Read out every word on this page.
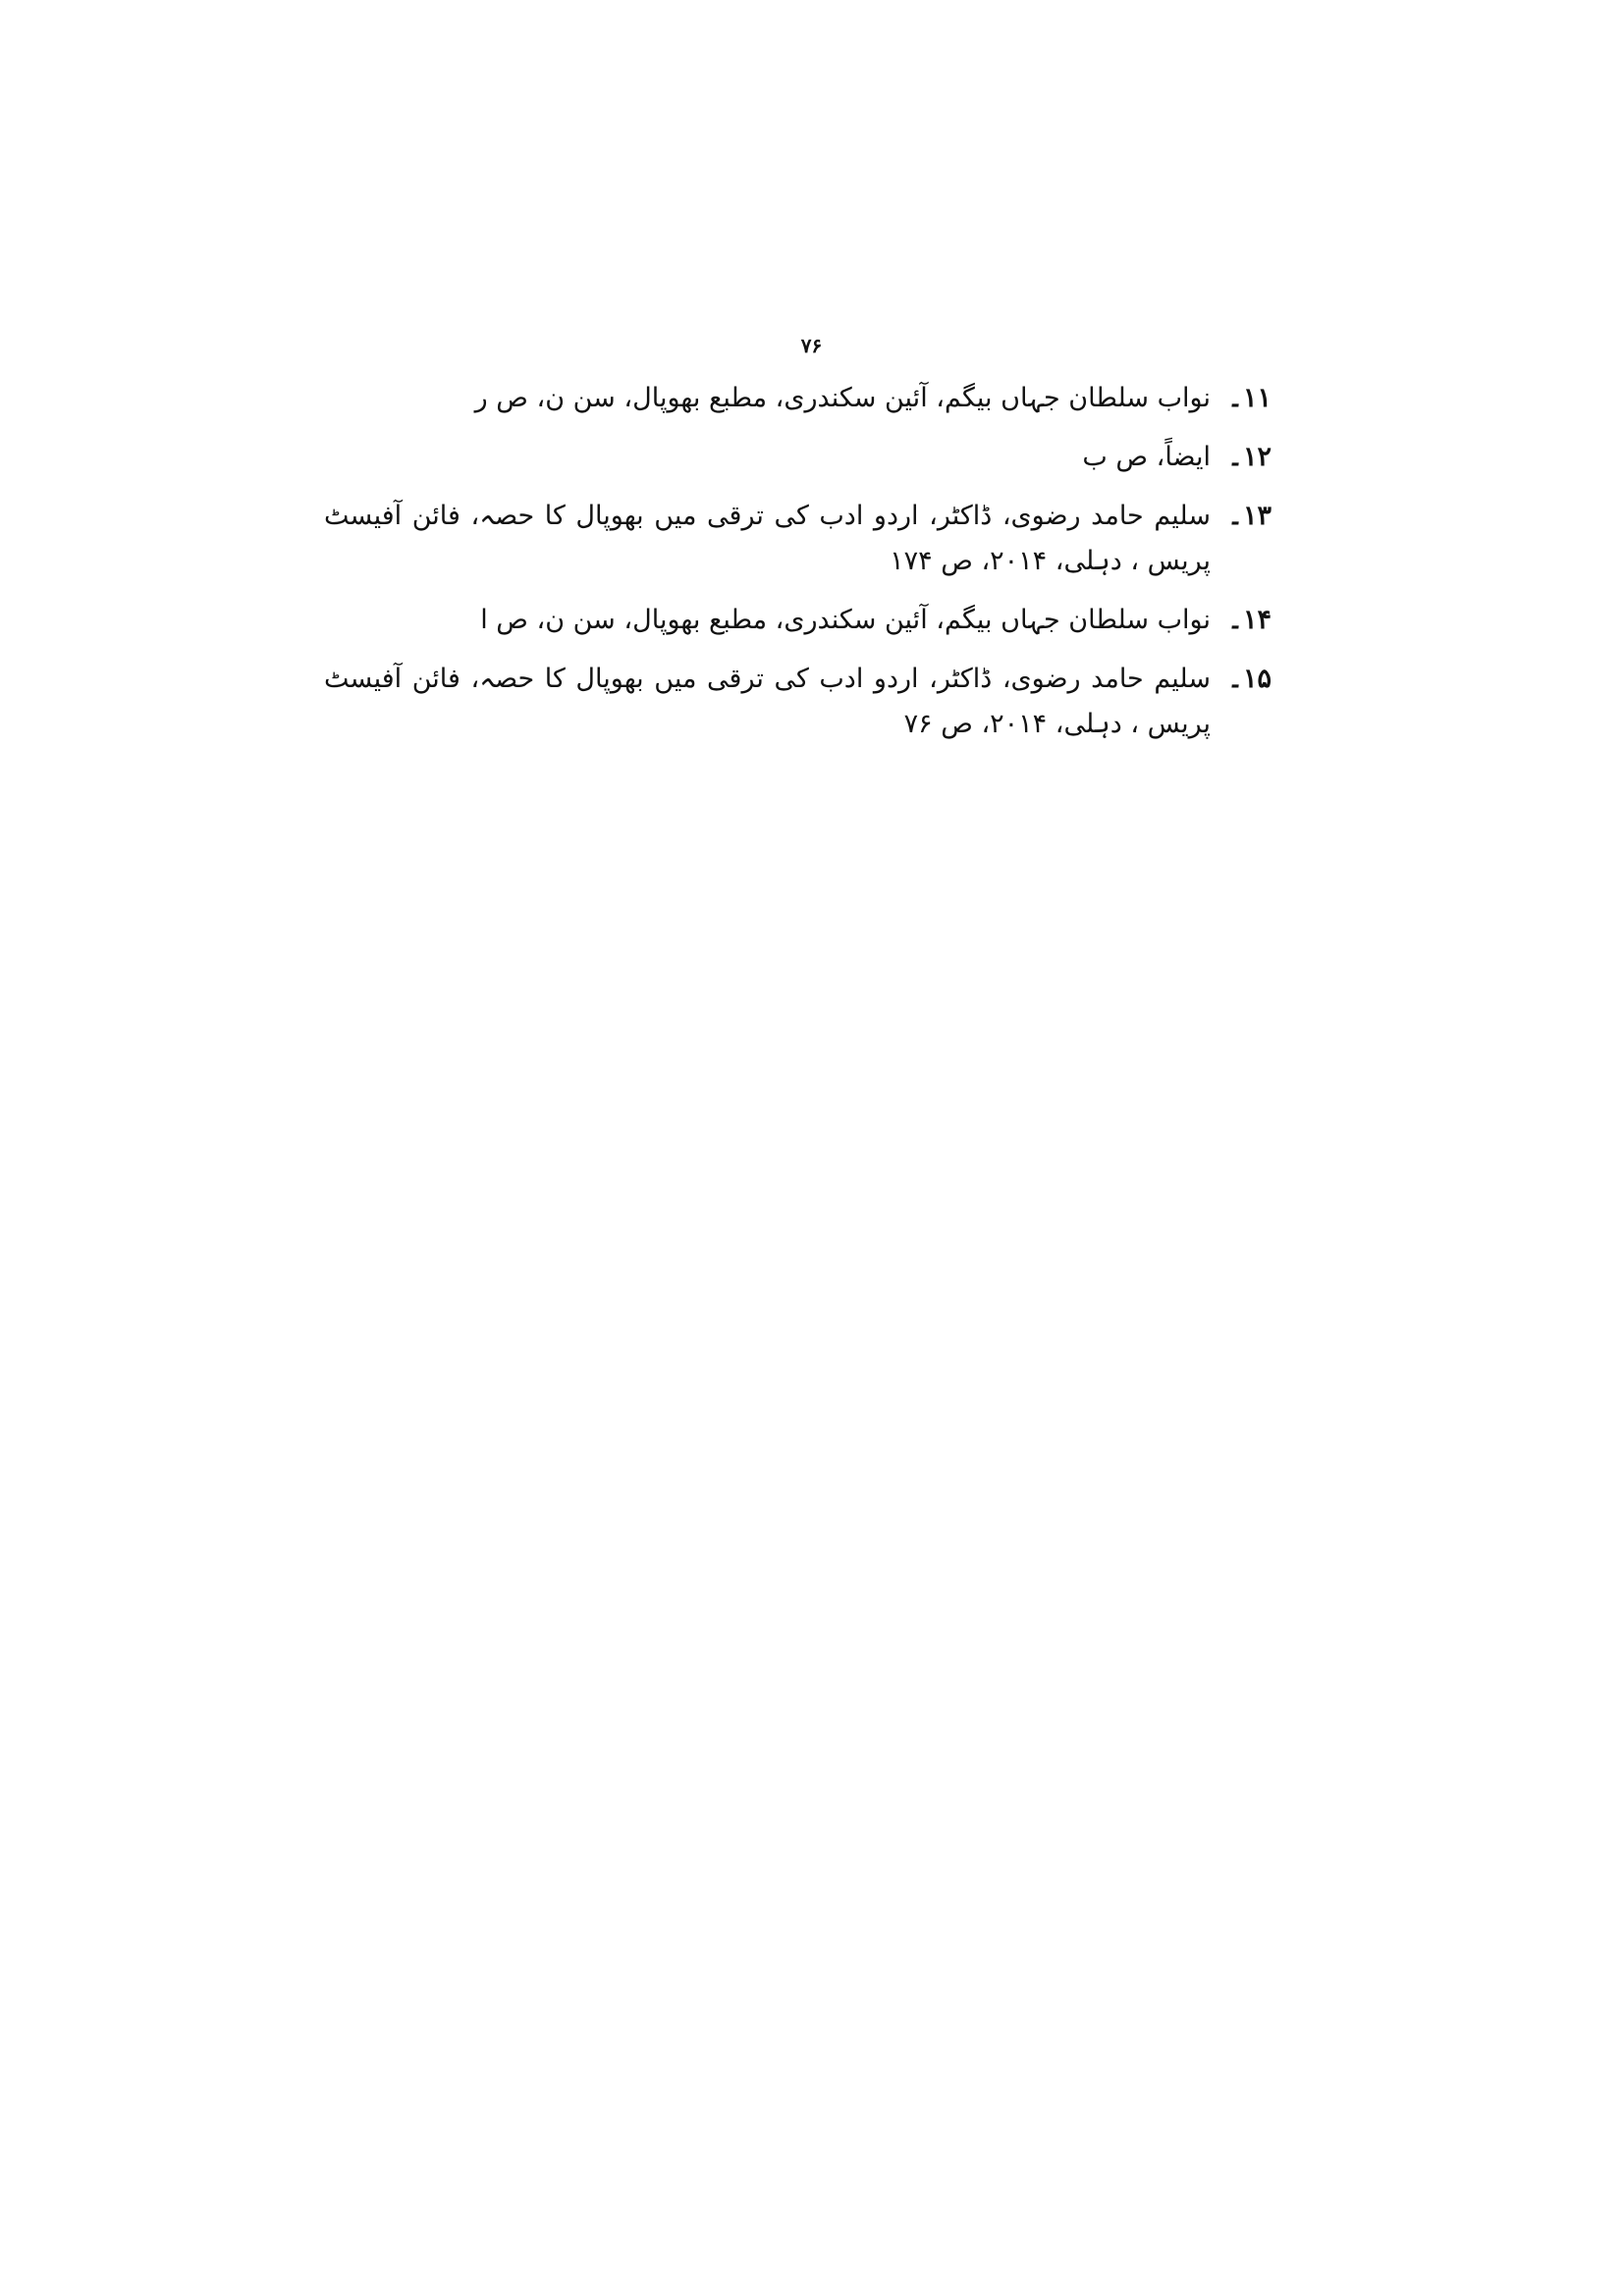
۷۶
۱۱۔
نواب سلطان جہاں بیگم، آئین سکندری، مطبع بھوپال، سن ن، ص ر
۱۲۔
ایضاً، ص ب
۱۳۔
سلیم حامد رضوی، ڈاکٹر، اردو ادب کی ترقی میں بھوپال کا حصہ، فائن آفیسٹ پریس ، دہلی، ۲۰۱۴، ص ۱۷۴
۱۴۔
نواب سلطان جہاں بیگم، آئین سکندری، مطبع بھوپال، سن ن، ص ا
۱۵۔
سلیم حامد رضوی، ڈاکٹر، اردو ادب کی ترقی میں بھوپال کا حصہ، فائن آفیسٹ پریس ، دہلی، ۲۰۱۴، ص ۷۶
